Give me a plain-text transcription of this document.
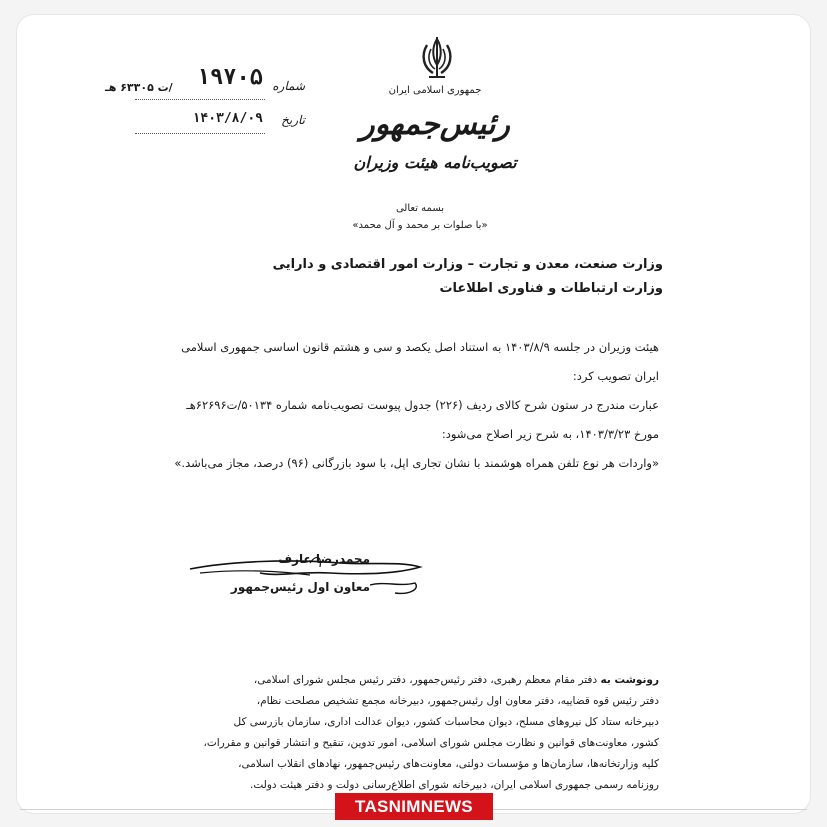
جمهوری اسلامی ایران
رئیس‌جمهور
تصویب‌نامه هیئت وزیران
شماره
۱۹۷۰۵
/ت ۶۳۳۰۵ هـ
تاریخ
۱۴۰۳/۸/۰۹
بسمه تعالی
«با صلوات بر محمد و آل محمد»
وزارت صنعت، معدن و تجارت – وزارت امور اقتصادی و دارایی
وزارت ارتباطات و فناوری اطلاعات

هیئت وزیران در جلسه ۱۴۰۳/۸/۹ به استناد اصل یکصد و سی و هشتم قانون اساسی جمهوری اسلامی

ایران تصویب کرد:

عبارت مندرج در ستون شرح کالای ردیف (۲۲۶) جدول پیوست تصویب‌نامه شماره ۵۰۱۳۴/ت۶۲۶۹۶هـ

مورخ ۱۴۰۳/۳/۲۳، به شرح زیر اصلاح می‌شود:

«واردات هر نوع تلفن همراه هوشمند با نشان تجاری اپل، با سود بازرگانی (۹۶) درصد، مجاز می‌باشد.»

محمدرضا عارف
معاون اول رئیس‌جمهور
رونوشت به دفتر مقام معظم رهبری، دفتر رئیس‌جمهور، دفتر رئیس مجلس شورای اسلامی،
دفتر رئیس قوه قضاییه، دفتر معاون اول رئیس‌جمهور، دبیرخانه مجمع تشخیص مصلحت نظام،
دبیرخانه ستاد کل نیروهای مسلح، دیوان محاسبات کشور، دیوان عدالت اداری، سازمان بازرسی کل
کشور، معاونت‌های قوانین و نظارت مجلس شورای اسلامی، امور تدوین، تنقیح و انتشار قوانین و مقررات،
کلیه وزارتخانه‌ها، سازمان‌ها و مؤسسات دولتی، معاونت‌های رئیس‌جمهور، نهادهای انقلاب اسلامی،
روزنامه رسمی جمهوری اسلامی ایران، دبیرخانه شورای اطلاع‌رسانی دولت و دفتر هیئت دولت.
TASNIMNEWS
